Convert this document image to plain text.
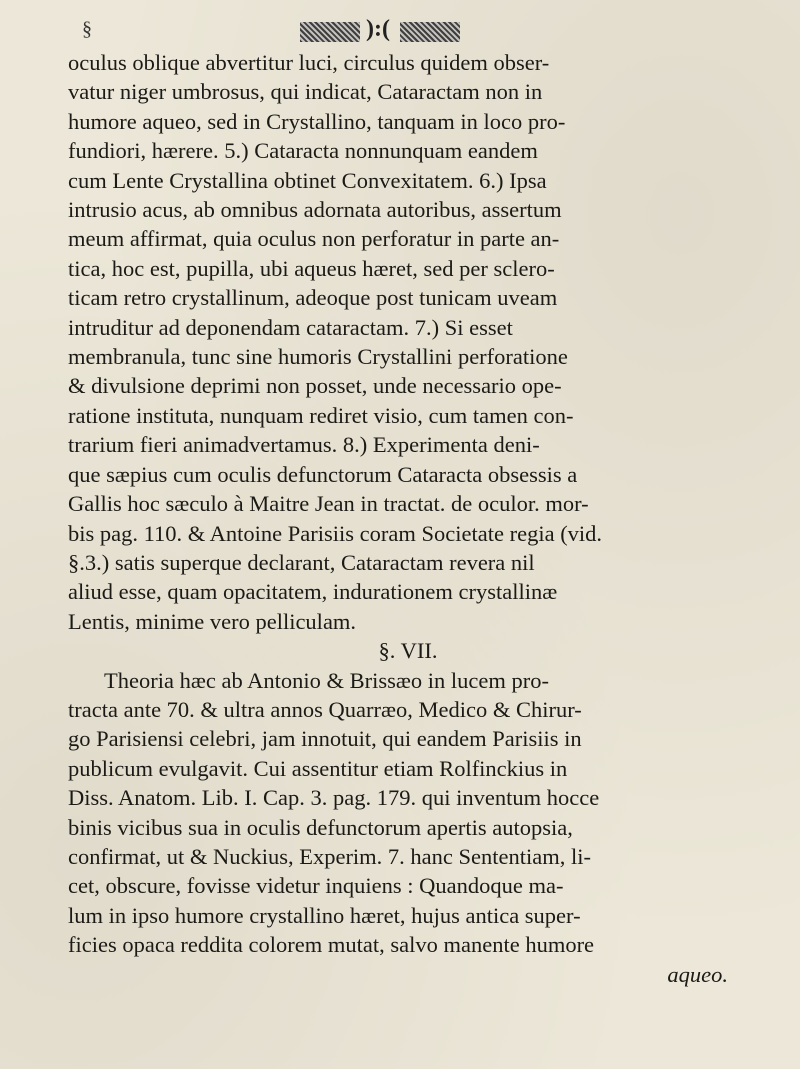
§	):(
oculus oblique abvertitur luci, circulus quidem obser-
vatur niger umbrosus, qui indicat, Cataractam non in
humore aqueo, sed in Crystallino, tanquam in loco pro-
fundiori, hærere. 5.) Cataracta nonnunquam eandem
cum Lente Crystallina obtinet Convexitatem. 6.) Ipsa
intrusio acus, ab omnibus adornata autoribus, assertum
meum affirmat, quia oculus non perforatur in parte an-
tica, hoc est, pupilla, ubi aqueus hæret, sed per sclero-
ticam retro crystallinum, adeoque post tunicam uveam
intruditur ad deponendam cataractam. 7.) Si esset
membranula, tunc sine humoris Crystallini perforatione
& divulsione deprimi non posset, unde necessario ope-
ratione instituta, nunquam rediret visio, cum tamen con-
trarium fieri animadvertamus. 8.) Experimenta deni-
que sæpius cum oculis defunctorum Cataracta obsessis a
Gallis hoc sæculo à Maitre Jean in tractat. de oculor. mor-
bis pag. 110. & Antoine Parisiis coram Societate regia (vid.
§.3.) satis superque declarant, Cataractam revera nil
aliud esse, quam opacitatem, indurationem crystallinæ
Lentis, minime vero pelliculam.
§. VII.
Theoria hæc ab Antonio & Brissæo in lucem pro-
tracta ante 70. & ultra annos Quarræo, Medico & Chirur-
go Parisiensi celebri, jam innotuit, qui eandem Parisiis in
publicum evulgavit. Cui assentitur etiam Rolfinckius in
Diss. Anatom. Lib. I. Cap. 3. pag. 179. qui inventum hocce
binis vicibus sua in oculis defunctorum apertis autopsia,
confirmat, ut & Nuckius, Experim. 7. hanc Sententiam, li-
cet, obscure, fovisse videtur inquiens : Quandoque ma-
lum in ipso humore crystallino hæret, hujus antica super-
ficies opaca reddita colorem mutat, salvo manente humore
aqueo.
